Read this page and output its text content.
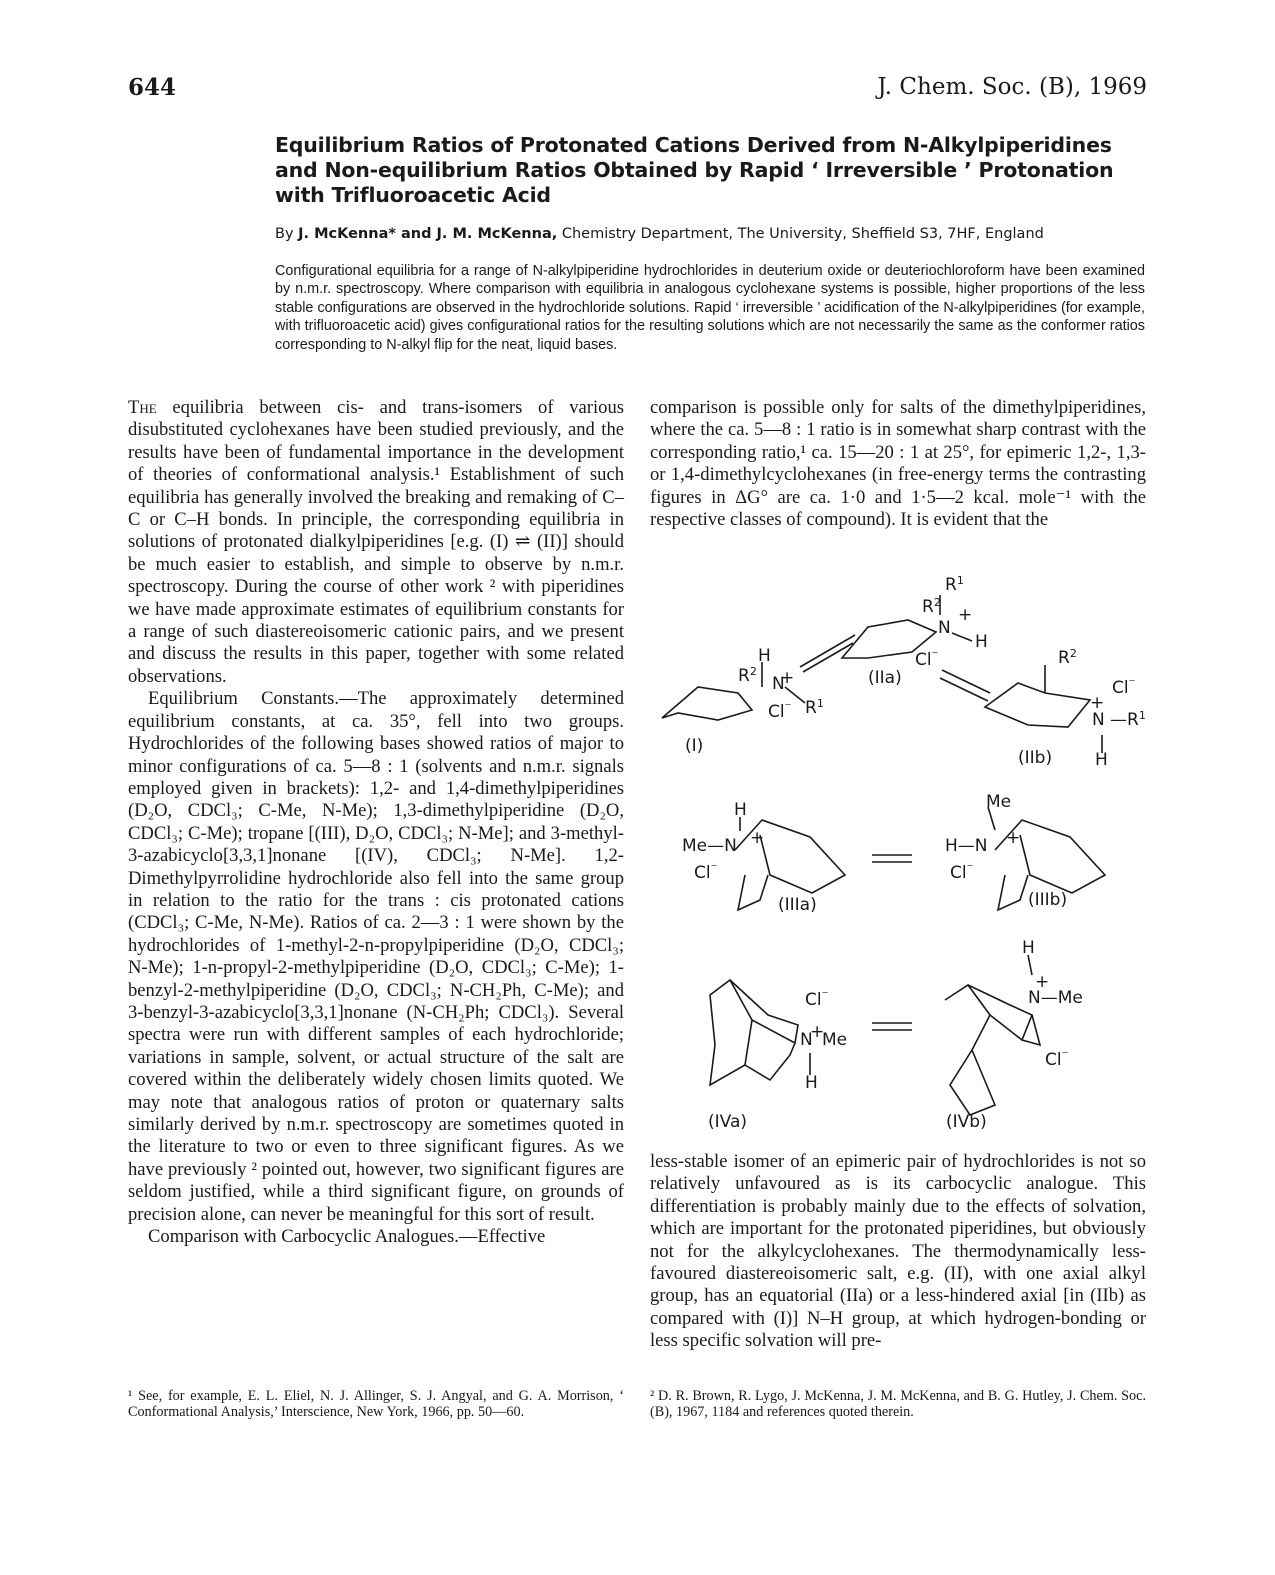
644	J. Chem. Soc. (B), 1969
Equilibrium Ratios of Protonated Cations Derived from N-Alkylpiperidines and Non-equilibrium Ratios Obtained by Rapid ‘ Irreversible ’ Protonation with Trifluoroacetic Acid
By J. McKenna* and J. M. McKenna, Chemistry Department, The University, Sheffield S3, 7HF, England
Configurational equilibria for a range of N-alkylpiperidine hydrochlorides in deuterium oxide or deuteriochloroform have been examined by n.m.r. spectroscopy. Where comparison with equilibria in analogous cyclohexane systems is possible, higher proportions of the less stable configurations are observed in the hydrochloride solutions. Rapid ‘ irreversible ’ acidification of the N-alkylpiperidines (for example, with trifluoroacetic acid) gives configurational ratios for the resulting solutions which are not necessarily the same as the conformer ratios corresponding to N-alkyl flip for the neat, liquid bases.

The equilibria between cis- and trans-isomers of various disubstituted cyclohexanes have been studied previously, and the results have been of fundamental importance in the development of theories of conformational analysis.¹ Establishment of such equilibria has generally involved the breaking and remaking of C–C or C–H bonds. In principle, the corresponding equilibria in solutions of protonated dialkylpiperidines [e.g. (I) ⇌ (II)] should be much easier to establish, and simple to observe by n.m.r. spectroscopy. During the course of other work ² with piperidines we have made approximate estimates of equilibrium constants for a range of such diastereoisomeric cationic pairs, and we present and discuss the results in this paper, together with some related observations.

Equilibrium Constants.—The approximately determined equilibrium constants, at ca. 35°, fell into two groups. Hydrochlorides of the following bases showed ratios of major to minor configurations of ca. 5—8 : 1 (solvents and n.m.r. signals employed given in brackets): 1,2- and 1,4-dimethylpiperidines (D₂O, CDCl₃; C-Me, N-Me); 1,3-dimethylpiperidine (D₂O, CDCl₃; C-Me); tropane [(III), D₂O, CDCl₃; N-Me]; and 3-methyl-3-azabicyclo[3,3,1]nonane [(IV), CDCl₃; N-Me]. 1,2-Dimethylpyrrolidine hydrochloride also fell into the same group in relation to the ratio for the trans : cis protonated cations (CDCl₃; C-Me, N-Me). Ratios of ca. 2—3 : 1 were shown by the hydrochlorides of 1-methyl-2-n-propylpiperidine (D₂O, CDCl₃; N-Me); 1-n-propyl-2-methylpiperidine (D₂O, CDCl₃; C-Me); 1-benzyl-2-methylpiperidine (D₂O, CDCl₃; N-CH₂Ph, C-Me); and 3-benzyl-3-azabicyclo[3,3,1]nonane (N-CH₂Ph; CDCl₃). Several spectra were run with different samples of each hydrochloride; variations in sample, solvent, or actual structure of the salt are covered within the deliberately widely chosen limits quoted. We may note that analogous ratios of proton or quaternary salts similarly derived by n.m.r. spectroscopy are sometimes quoted in the literature to two or even to three significant figures. As we have previously ² pointed out, however, two significant figures are seldom justified, while a third significant figure, on grounds of precision alone, can never be meaningful for this sort of result.

Comparison with Carbocyclic Analogues.—Effective

comparison is possible only for salts of the dimethylpiperidines, where the ca. 5—8 : 1 ratio is in somewhat sharp contrast with the corresponding ratio,¹ ca. 15—20 : 1 at 25°, for epimeric 1,2-, 1,3- or 1,4-dimethylcyclohexanes (in free-energy terms the contrasting figures in ΔG° are ca. 1·0 and 1·5—2 kcal. mole⁻¹ with the respective classes of compound). It is evident that the
$R^1$
$R^2$
N
+
H
Cl⁻
(IIa)
H
$R^2$
N
+
$R^1$
Cl⁻
(I)
$R^2$
Cl⁻
+
N $—R^1$
H
(IIb)
H
Me—N +
Cl⁻
(IIIa)
Me
H—N +
Cl⁻
(IIIb)
Cl⁻
N
+
Me
H
(IVa)
H
+
N—Me
Cl⁻
(IVb)
less-stable isomer of an epimeric pair of hydrochlorides is not so relatively unfavoured as is its carbocyclic analogue. This differentiation is probably mainly due to the effects of solvation, which are important for the protonated piperidines, but obviously not for the alkylcyclohexanes. The thermodynamically less-favoured diastereoisomeric salt, e.g. (II), with one axial alkyl group, has an equatorial (IIa) or a less-hindered axial [in (IIb) as compared with (I)] N–H group, at which hydrogen-bonding or less specific solvation will pre-
¹ See, for example, E. L. Eliel, N. J. Allinger, S. J. Angyal, and G. A. Morrison, ‘ Conformational Analysis,’ Interscience, New York, 1966, pp. 50—60.
² D. R. Brown, R. Lygo, J. McKenna, J. M. McKenna, and B. G. Hutley, J. Chem. Soc. (B), 1967, 1184 and references quoted therein.
